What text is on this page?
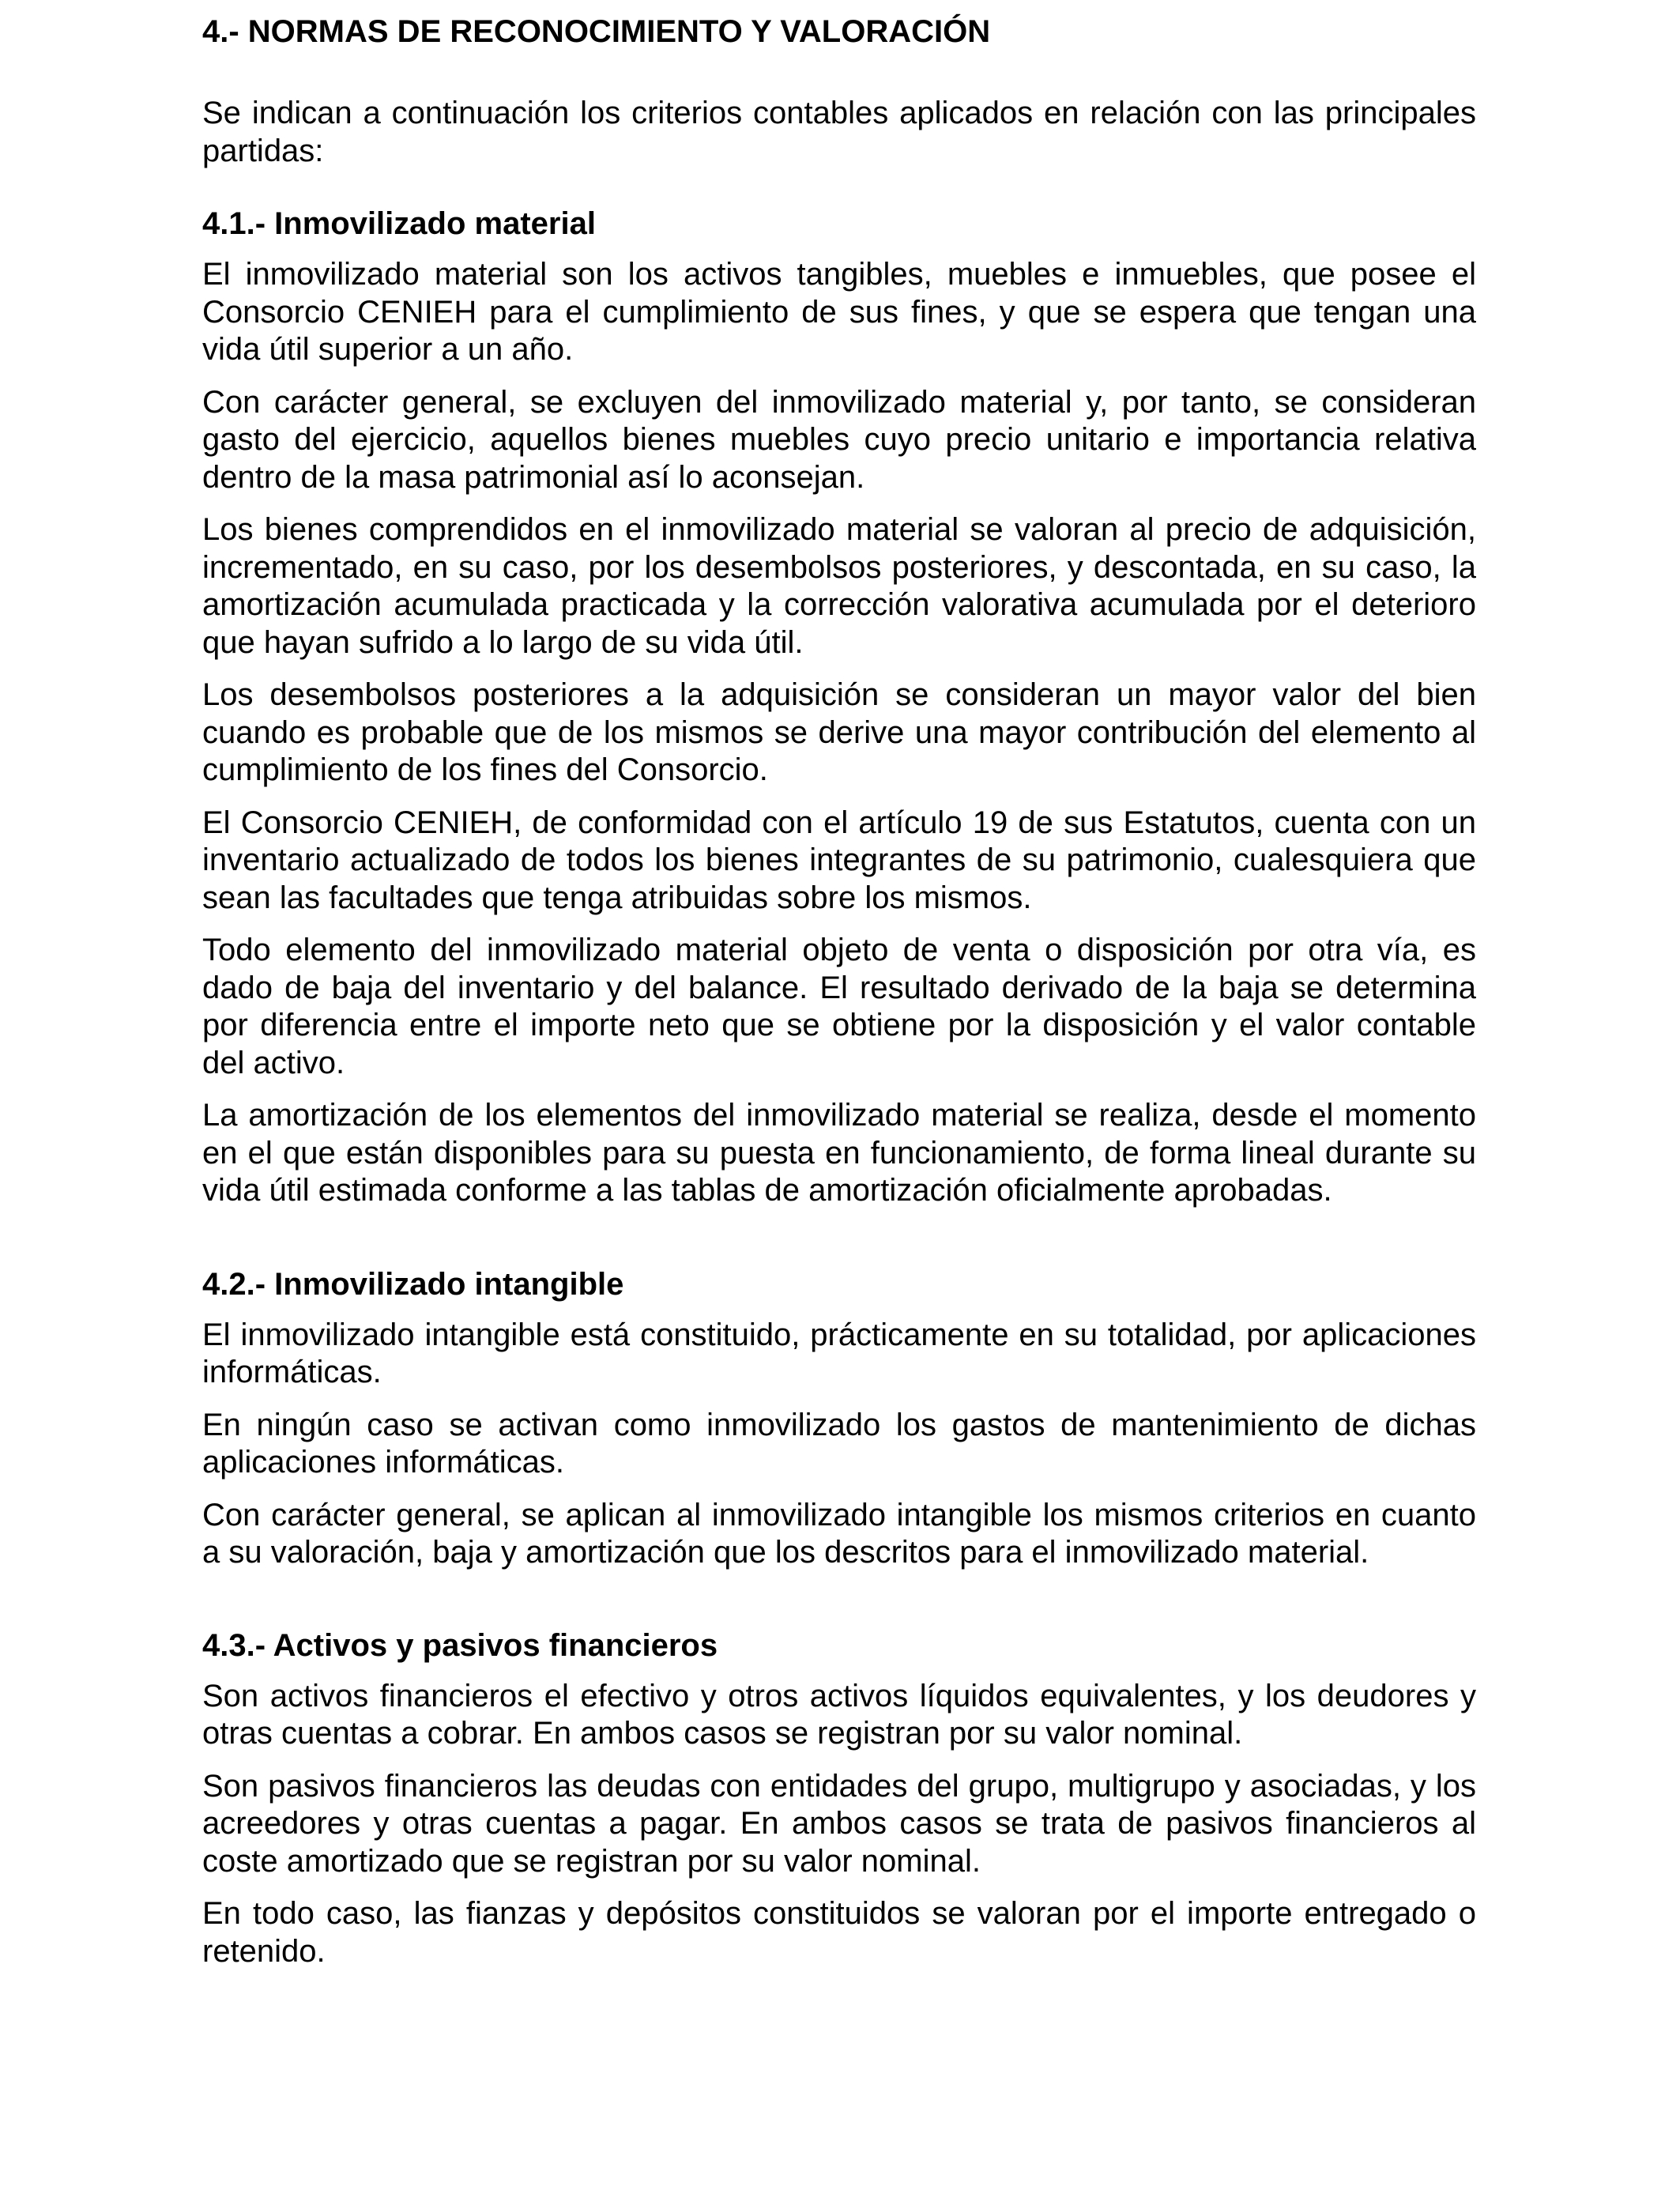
4.- NORMAS DE RECONOCIMIENTO Y VALORACIÓN

Se indican a continuación los criterios contables aplicados en relación con las principales partidas:

4.1.- Inmovilizado material

El inmovilizado material son los activos tangibles, muebles e inmuebles, que posee el Consorcio CENIEH para el cumplimiento de sus fines, y que se espera que tengan una vida útil superior a un año.

Con carácter general, se excluyen del inmovilizado material y, por tanto, se consideran gasto del ejercicio, aquellos bienes muebles cuyo precio unitario e importancia relativa dentro de la masa patrimonial así lo aconsejan.

Los bienes comprendidos en el inmovilizado material se valoran al precio de adquisición, incrementado, en su caso, por los desembolsos posteriores, y descontada, en su caso, la amortización acumulada practicada y la corrección valorativa acumulada por el deterioro que hayan sufrido a lo largo de su vida útil.

Los desembolsos posteriores a la adquisición se consideran un mayor valor del bien cuando es probable que de los mismos se derive una mayor contribución del elemento al cumplimiento de los fines del Consorcio.

El Consorcio CENIEH, de conformidad con el artículo 19 de sus Estatutos, cuenta con un inventario actualizado de todos los bienes integrantes de su patrimonio, cualesquiera que sean las facultades que tenga atribuidas sobre los mismos.

Todo elemento del inmovilizado material objeto de venta o disposición por otra vía, es dado de baja del inventario y del balance. El resultado derivado de la baja se determina por diferencia entre el importe neto que se obtiene por la disposición y el valor contable del activo.

La amortización de los elementos del inmovilizado material se realiza, desde el momento en el que están disponibles para su puesta en funcionamiento, de forma lineal durante su vida útil estimada conforme a las tablas de amortización oficialmente aprobadas.

4.2.- Inmovilizado intangible

El inmovilizado intangible está constituido, prácticamente en su totalidad, por aplicaciones informáticas.

En ningún caso se activan como inmovilizado los gastos de mantenimiento de dichas aplicaciones informáticas.

Con carácter general, se aplican al inmovilizado intangible los mismos criterios en cuanto a su valoración, baja y amortización que los descritos para el inmovilizado material.

4.3.- Activos y pasivos financieros

Son activos financieros el efectivo y otros activos líquidos equivalentes, y los deudores y otras cuentas a cobrar. En ambos casos se registran por su valor nominal.

Son pasivos financieros las deudas con entidades del grupo, multigrupo y asociadas, y los acreedores y otras cuentas a pagar. En ambos casos se trata de pasivos financieros al coste amortizado que se registran por su valor nominal.

En todo caso, las fianzas y depósitos constituidos se valoran por el importe entregado o retenido.
